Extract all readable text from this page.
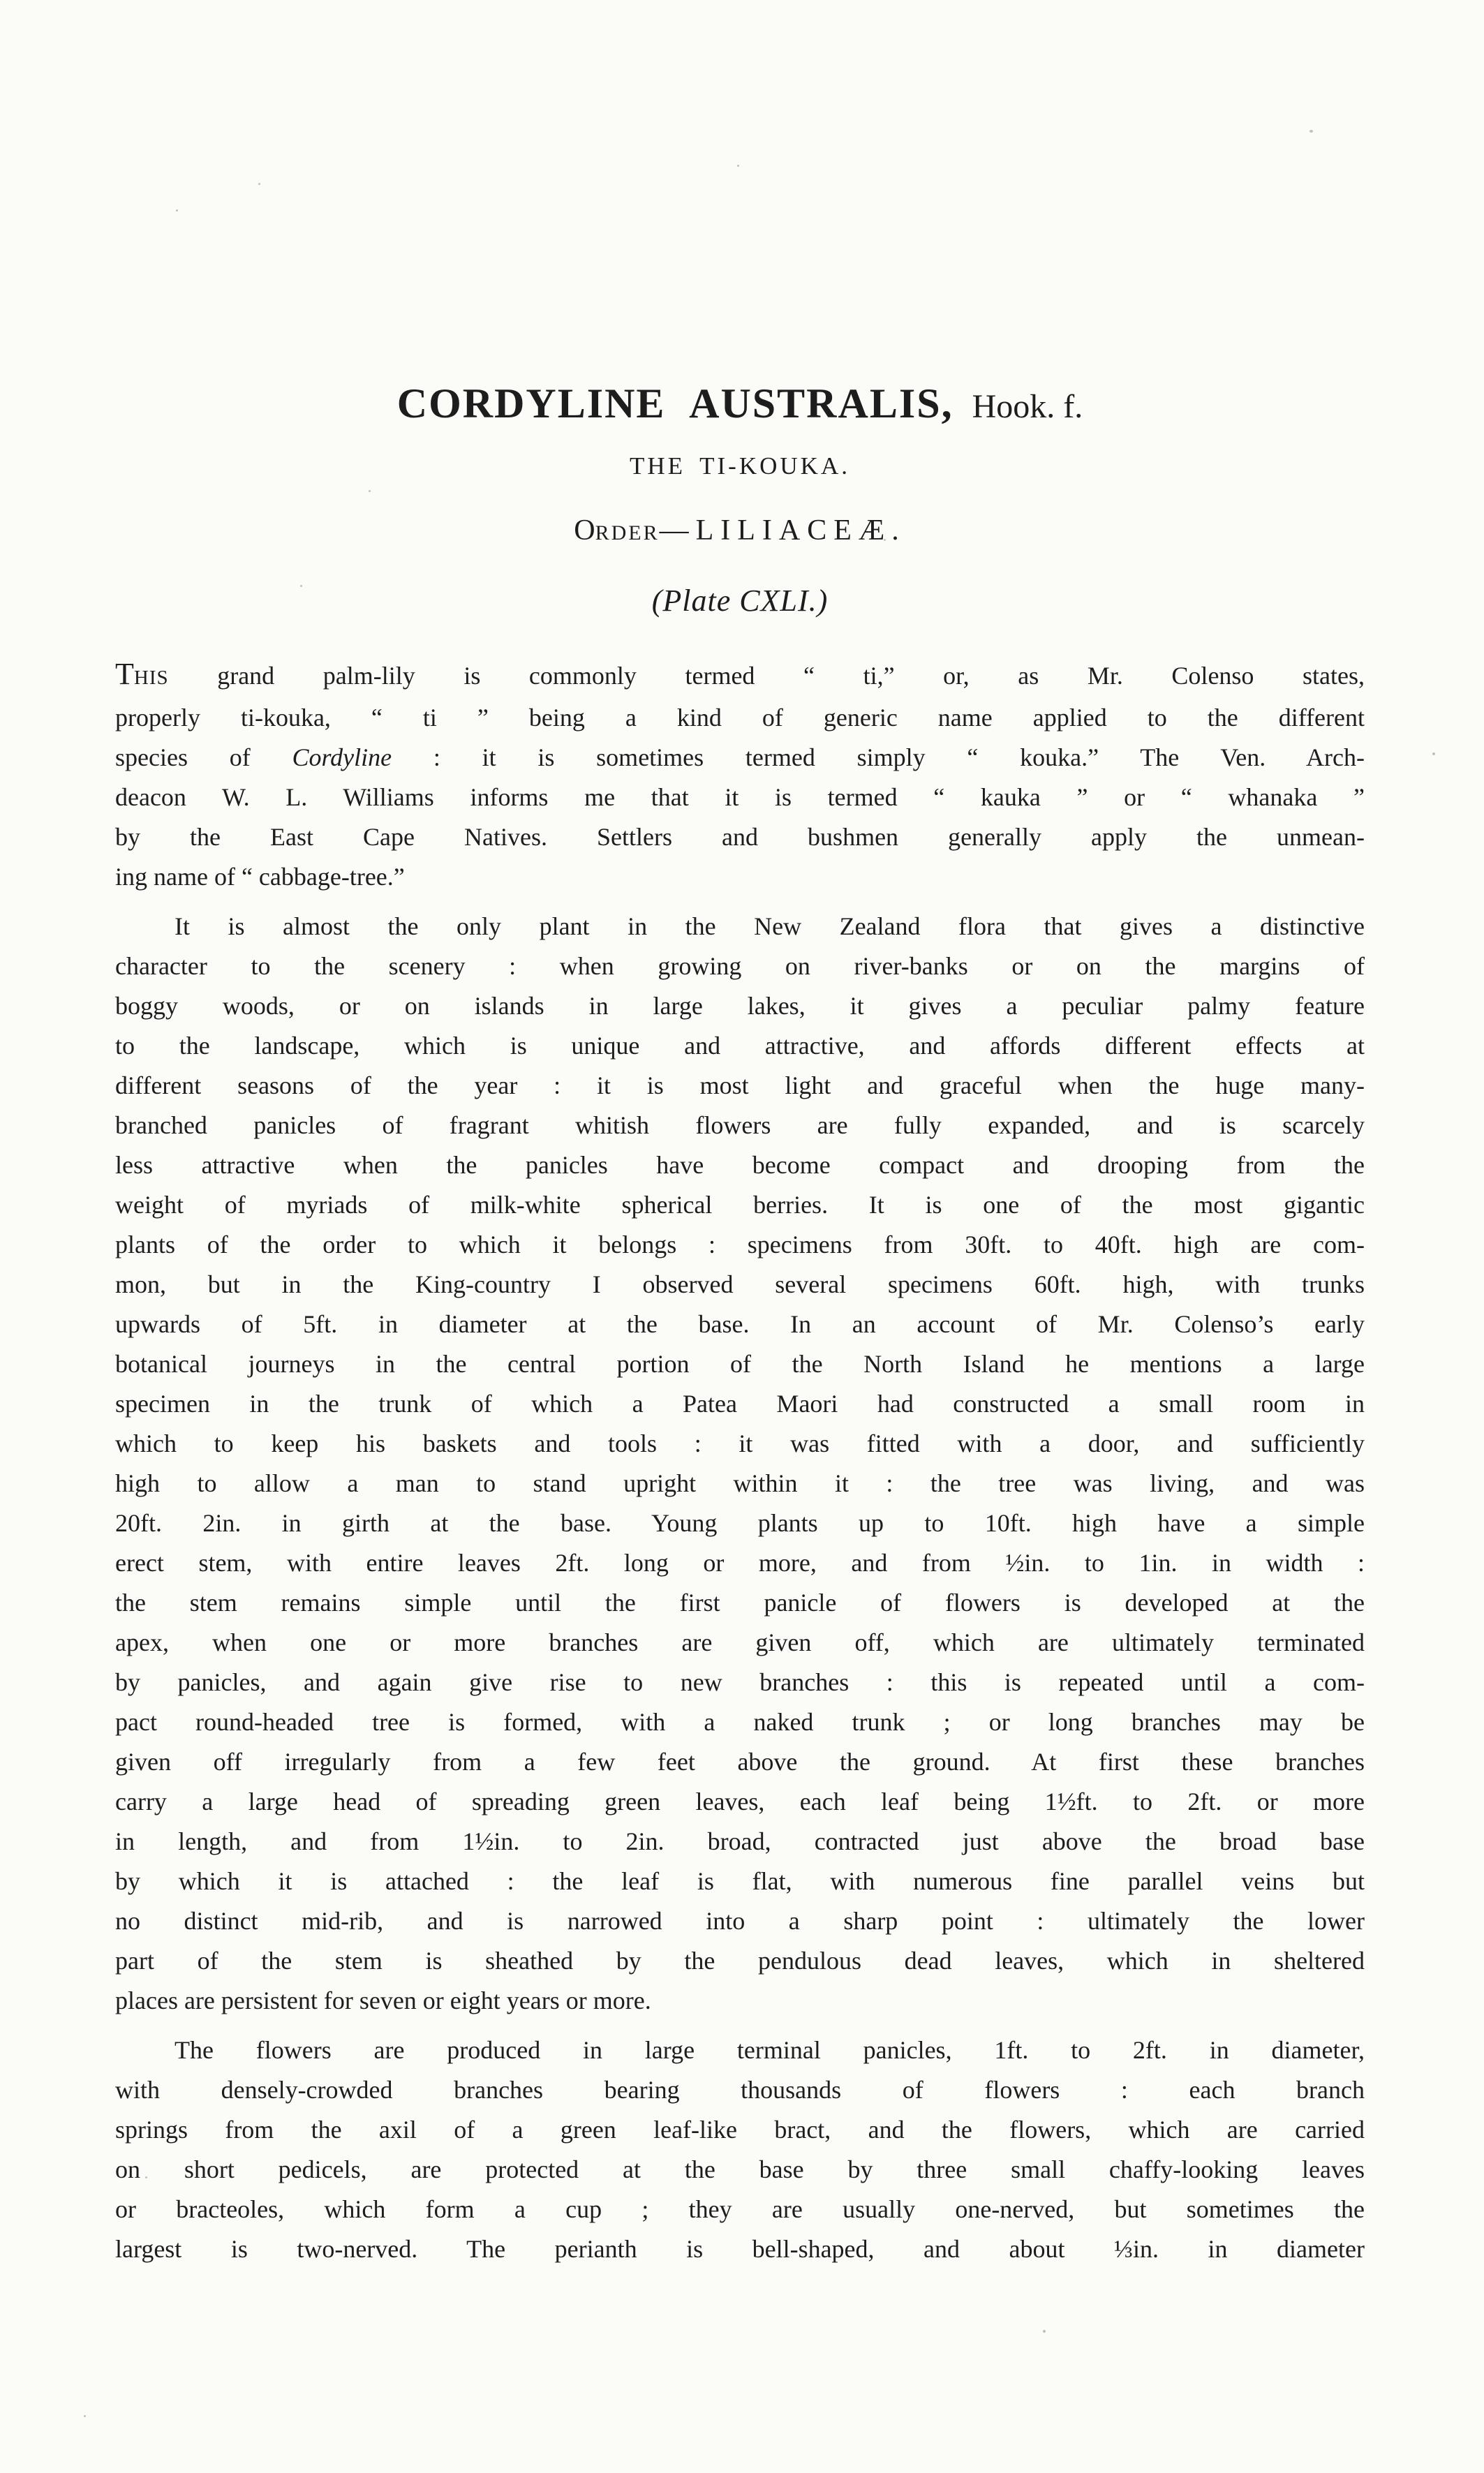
CORDYLINE AUSTRALIS, Hook. f.
THE TI-KOUKA.
ORDER—LILIACEÆ.
(Plate CXLI.)
THIS grand palm-lily is commonly termed “ ti,” or, as Mr. Colenso states,
properly ti-kouka, “ ti ” being a kind of generic name applied to the different
species of Cordyline : it is sometimes termed simply “ kouka.” The Ven. Arch-
deacon W. L. Williams informs me that it is termed “ kauka ” or “ whanaka ”
by the East Cape Natives. Settlers and bushmen generally apply the unmean-
ing name of “ cabbage-tree.”
It is almost the only plant in the New Zealand flora that gives a distinctive
character to the scenery : when growing on river-banks or on the margins of
boggy woods, or on islands in large lakes, it gives a peculiar palmy feature
to the landscape, which is unique and attractive, and affords different effects at
different seasons of the year : it is most light and graceful when the huge many-
branched panicles of fragrant whitish flowers are fully expanded, and is scarcely
less attractive when the panicles have become compact and drooping from the
weight of myriads of milk-white spherical berries. It is one of the most gigantic
plants of the order to which it belongs : specimens from 30ft. to 40ft. high are com-
mon, but in the King-country I observed several specimens 60ft. high, with trunks
upwards of 5ft. in diameter at the base. In an account of Mr. Colenso’s early
botanical journeys in the central portion of the North Island he mentions a large
specimen in the trunk of which a Patea Maori had constructed a small room in
which to keep his baskets and tools : it was fitted with a door, and sufficiently
high to allow a man to stand upright within it : the tree was living, and was
20ft. 2in. in girth at the base. Young plants up to 10ft. high have a simple
erect stem, with entire leaves 2ft. long or more, and from ½in. to 1in. in width :
the stem remains simple until the first panicle of flowers is developed at the
apex, when one or more branches are given off, which are ultimately terminated
by panicles, and again give rise to new branches : this is repeated until a com-
pact round-headed tree is formed, with a naked trunk ; or long branches may be
given off irregularly from a few feet above the ground. At first these branches
carry a large head of spreading green leaves, each leaf being 1½ft. to 2ft. or more
in length, and from 1½in. to 2in. broad, contracted just above the broad base
by which it is attached : the leaf is flat, with numerous fine parallel veins but
no distinct mid-rib, and is narrowed into a sharp point : ultimately the lower
part of the stem is sheathed by the pendulous dead leaves, which in sheltered
places are persistent for seven or eight years or more.
The flowers are produced in large terminal panicles, 1ft. to 2ft. in diameter,
with densely-crowded branches bearing thousands of flowers : each branch
springs from the axil of a green leaf-like bract, and the flowers, which are carried
on short pedicels, are protected at the base by three small chaffy-looking leaves
or bracteoles, which form a cup ; they are usually one-nerved, but sometimes the
largest is two-nerved. The perianth is bell-shaped, and about ⅓in. in diameter
